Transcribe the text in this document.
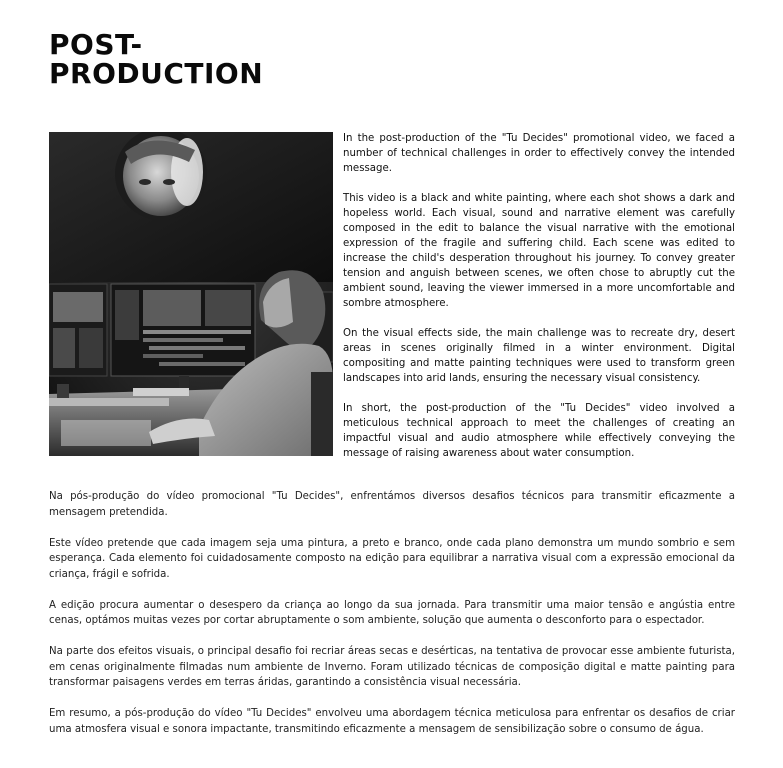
POST-
PRODUCTION

In the post-production of the "Tu Decides" promotional video, we faced a number of technical challenges in order to effectively convey the intended message.

This video is a black and white painting, where each shot shows a dark and hopeless world. Each visual, sound and narrative element was carefully composed in the edit to balance the visual narrative with the emotional expression of the fragile and suffering child. Each scene was edited to increase the child's desperation throughout his journey. To convey greater tension and anguish between scenes, we often chose to abruptly cut the ambient sound, leaving the viewer immersed in a more uncomfortable and sombre atmosphere.

On the visual effects side, the main challenge was to recreate dry, desert areas in scenes originally filmed in a winter environment. Digital compositing and matte painting techniques were used to transform green landscapes into arid lands, ensuring the necessary visual consistency.

In short, the post-production of the "Tu Decides" video involved a meticulous technical approach to meet the challenges of creating an impactful visual and audio atmosphere while effectively conveying the message of raising awareness about water consumption.

Na pós-produção do vídeo promocional "Tu Decides", enfrentámos diversos desafios técnicos para transmitir eficazmente a mensagem pretendida.

Este vídeo pretende que cada imagem seja uma pintura, a preto e branco, onde cada plano demonstra um mundo sombrio e sem esperança. Cada elemento foi cuidadosamente composto na edição para equilibrar a narrativa visual com a expressão emocional da criança, frágil e sofrida.

A edição procura aumentar o desespero da criança ao longo da sua jornada. Para transmitir uma maior tensão e angústia entre cenas, optámos muitas vezes por cortar abruptamente o som ambiente, solução que aumenta o desconforto para o espectador.

Na parte dos efeitos visuais, o principal desafio foi recriar áreas secas e desérticas, na tentativa de provocar esse ambiente futurista, em cenas originalmente filmadas num ambiente de Inverno. Foram utilizado técnicas de composição digital e matte painting para transformar paisagens verdes em terras áridas, garantindo a consistência visual necessária.

Em resumo, a pós-produção do vídeo "Tu Decides" envolveu uma abordagem técnica meticulosa para enfrentar os desafios de criar uma atmosfera visual e sonora impactante, transmitindo eficazmente a mensagem de sensibilização sobre o consumo de água.
